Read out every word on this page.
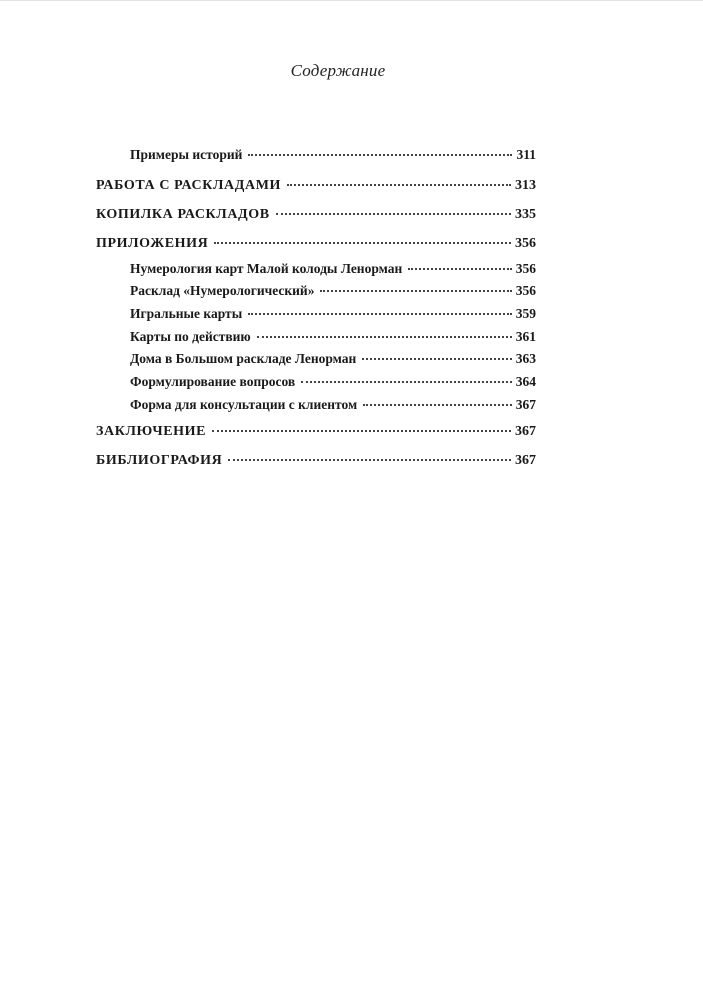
Содержание
Примеры историй	311
РАБОТА С РАСКЛАДАМИ	313
КОПИЛКА РАСКЛАДОВ	335
ПРИЛОЖЕНИЯ	356
Нумерология карт Малой колоды Ленорман	356
Расклад «Нумерологический»	356
Игральные карты	359
Карты по действию	361
Дома в Большом раскладе Ленорман	363
Формулирование вопросов	364
Форма для консультации с клиентом	367
ЗАКЛЮЧЕНИЕ	367
БИБЛИОГРАФИЯ	367
